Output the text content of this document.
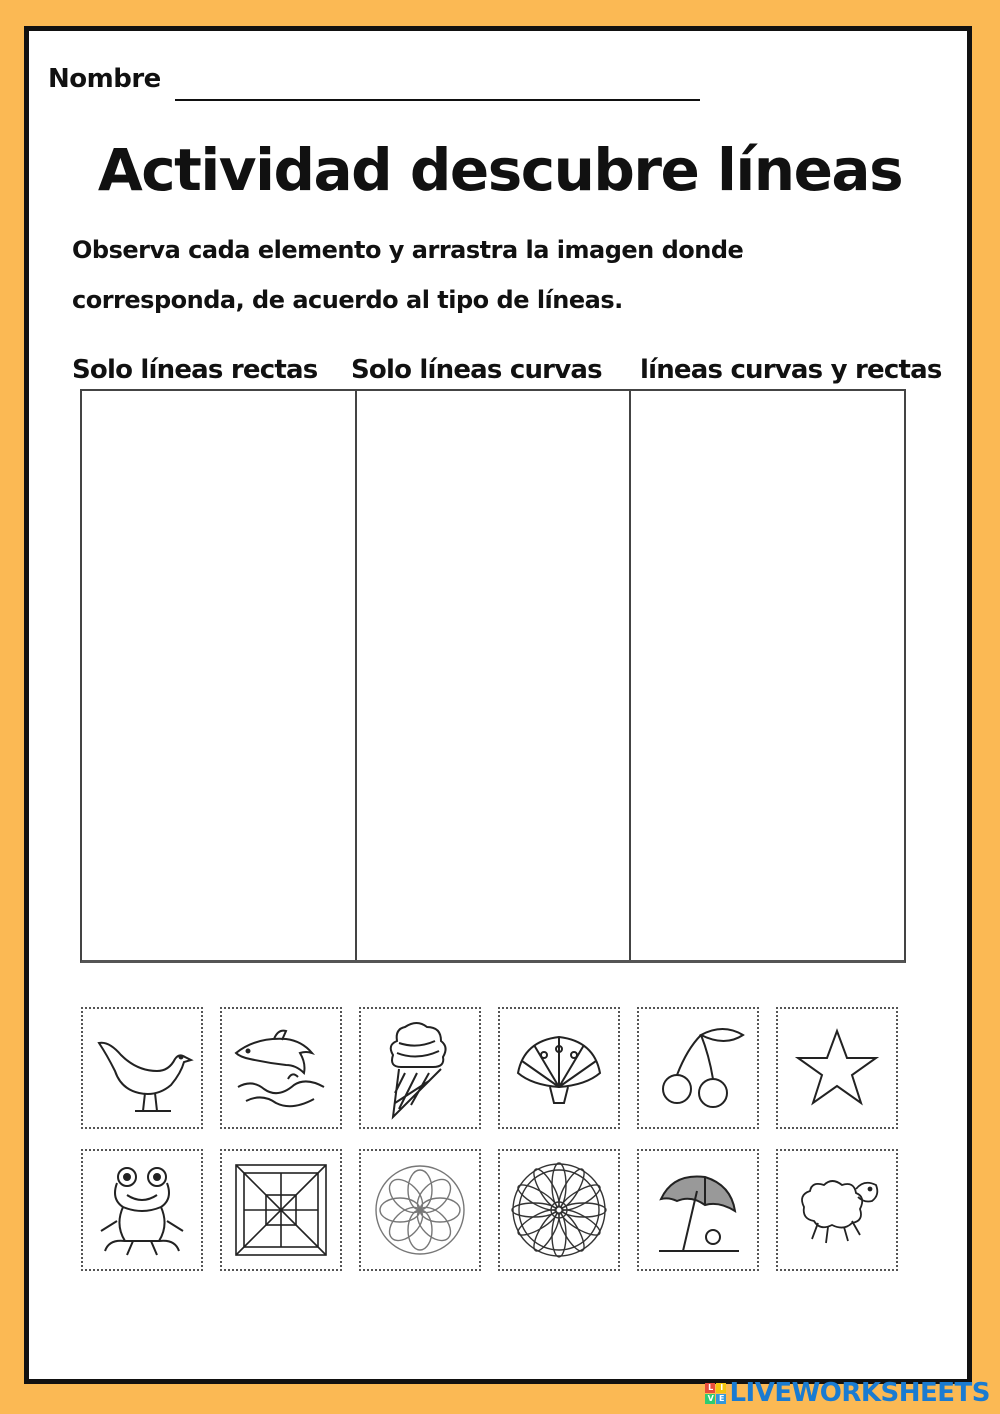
Nombre
Actividad descubre líneas
Observa cada elemento y arrastra la imagen donde
corresponda, de acuerdo al tipo de líneas.
Solo líneas rectas Solo líneas curvas líneas curvas y rectas
L I
V E LIVEWORKSHEETS
